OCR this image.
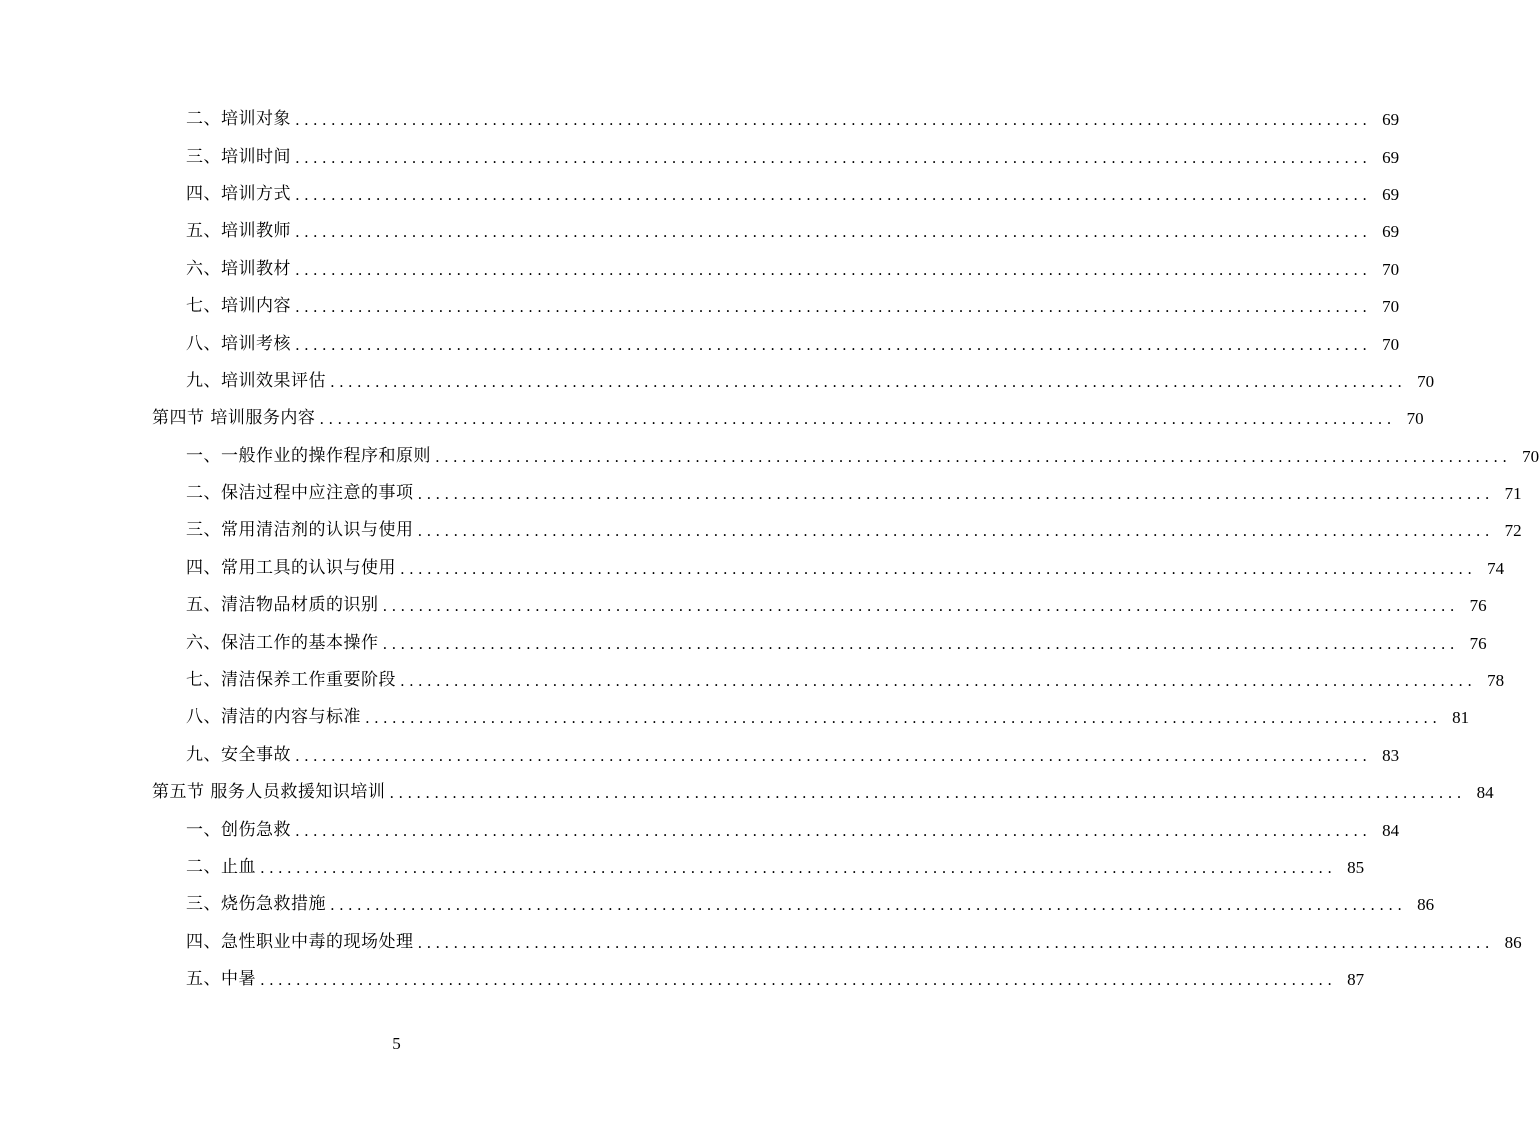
二、培训对象 ........................................................................................................................ 69
三、培训时间 ........................................................................................................................ 69
四、培训方式 ........................................................................................................................ 69
五、培训教师 ........................................................................................................................ 69
六、培训教材 ........................................................................................................................ 70
七、培训内容 ........................................................................................................................ 70
八、培训考核 ........................................................................................................................ 70
九、培训效果评估 ........................................................................................................................ 70
第四节 培训服务内容 ........................................................................................................................ 70
一、一般作业的操作程序和原则 ........................................................................................................................ 70
二、保洁过程中应注意的事项 ........................................................................................................................ 71
三、常用清洁剂的认识与使用 ........................................................................................................................ 72
四、常用工具的认识与使用 ........................................................................................................................ 74
五、清洁物品材质的识别 ........................................................................................................................ 76
六、保洁工作的基本操作 ........................................................................................................................ 76
七、清洁保养工作重要阶段 ........................................................................................................................ 78
八、清洁的内容与标准 ........................................................................................................................ 81
九、安全事故 ........................................................................................................................ 83
第五节 服务人员救援知识培训 ........................................................................................................................ 84
一、创伤急救 ........................................................................................................................ 84
二、止血 ........................................................................................................................ 85
三、烧伤急救措施 ........................................................................................................................ 86
四、急性职业中毒的现场处理 ........................................................................................................................ 86
五、中暑 ........................................................................................................................ 87
5
